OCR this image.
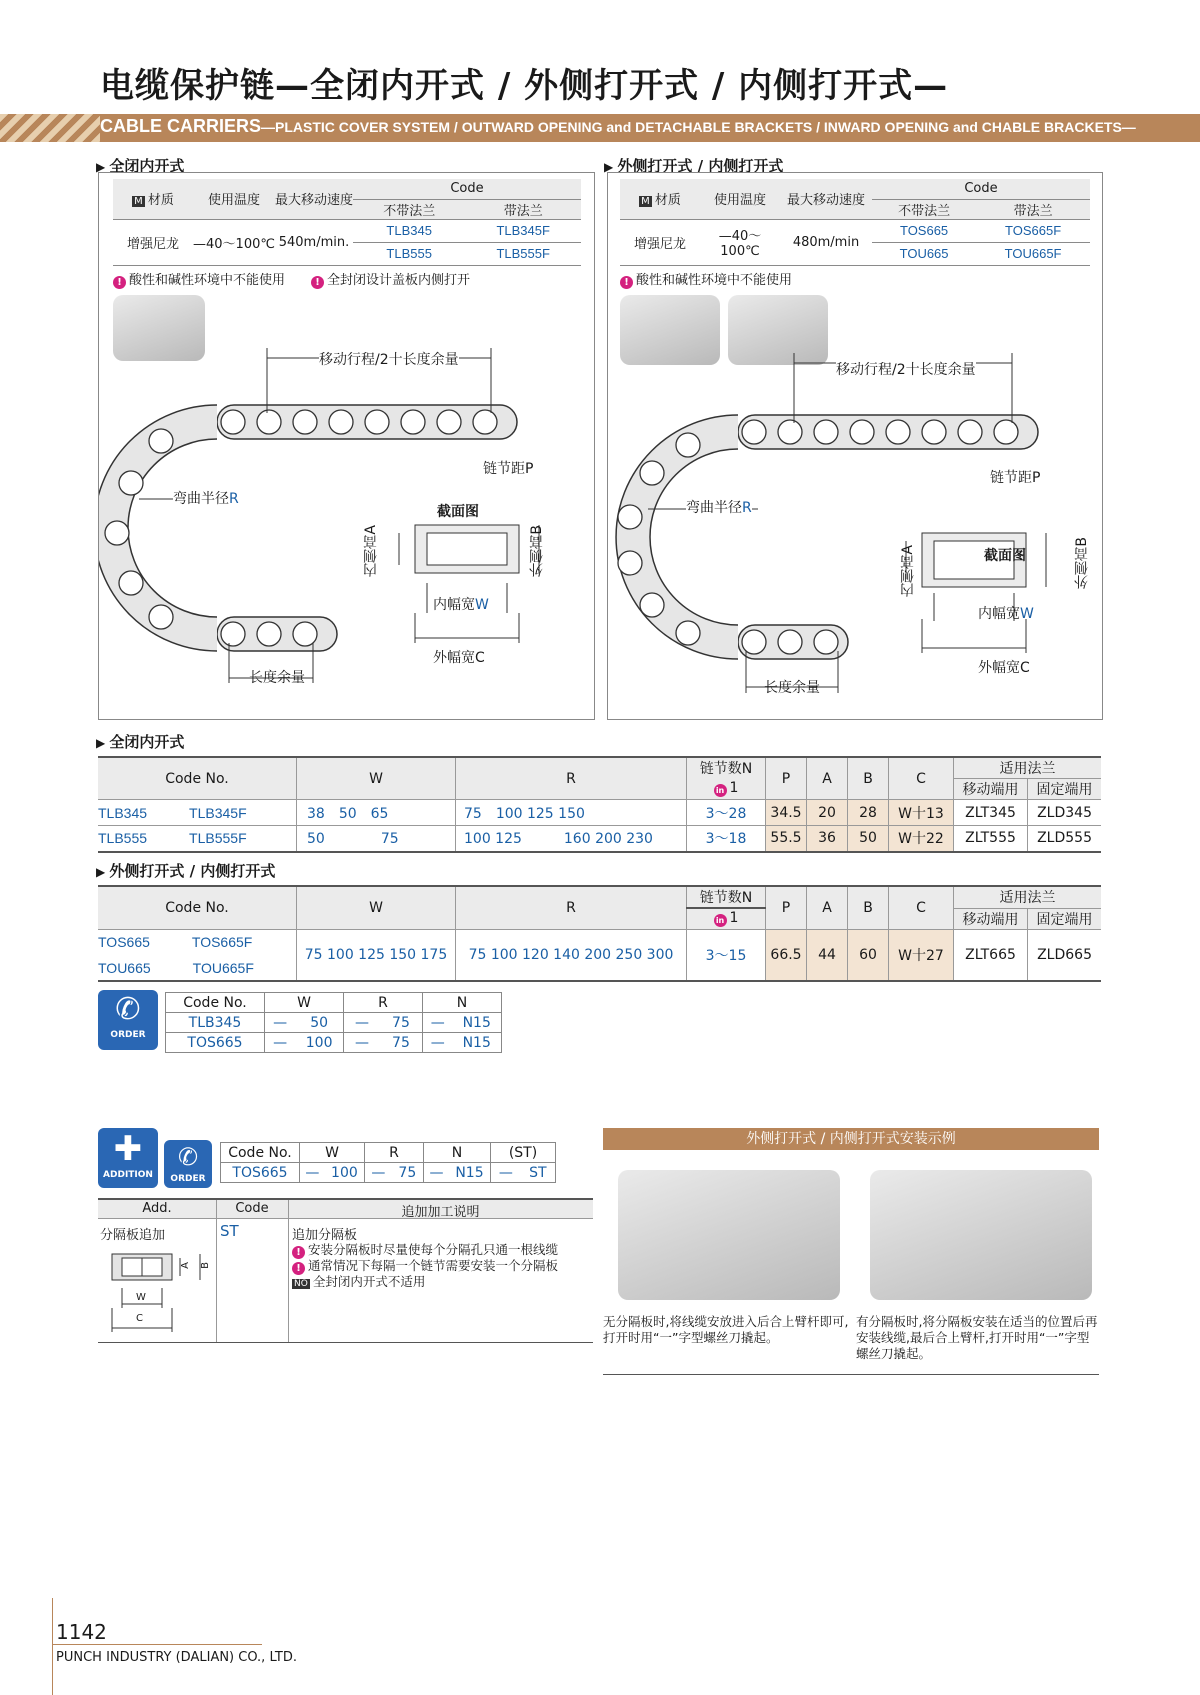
电缆保护链—全闭内开式 / 外侧打开式 / 内侧打开式—
CABLE CARRIERS—PLASTIC COVER SYSTEM / OUTWARD OPENING and DETACHABLE BRACKETS / INWARD OPENING and CHABLE BRACKETS—
▶ 全闭内开式
M 材质	使用温度	最大移动速度	Code	
			不带法兰	带法兰
增强尼龙	—40～100℃	540m/min.	TLB345	TLB345F
			TLB555	TLB555F
! 酸性和碱性环境中不能使用	! 全封闭设计盖板内侧打开
移动行程/2十长度余量
链节距P
弯曲半径R
截面图
内侧高A	外侧高B
内幅宽W
外幅宽C
长度余量
▶ 外侧打开式 / 内侧打开式
M 材质	使用温度	最大移动速度	Code	
			不带法兰	带法兰
增强尼龙	—40～100℃	480m/min	TOS665	TOS665F
			TOU665	TOU665F
! 酸性和碱性环境中不能使用
移动行程/2十长度余量
链节距P
弯曲半径R
截面图
内侧高A	外侧高B
内幅宽W
外幅宽C
长度余量
▶ 全闭内开式
Code No.	W	R	链节数N	P	A	B	C	适用法兰	
			in 1					移动端用	固定端用
TLB345　　　 TLB345F	38　50　65	75　100 125 150	3～28	34.5	20	28	W十13	ZLT345	ZLD345
TLB555　　　 TLB555F	50　　　　75	100 125　　　160 200 230	3～18	55.5	36	50	W十22	ZLT555	ZLD555
▶ 外侧打开式 / 内侧打开式
Code No.	W	R	链节数N	P	A	B	C	适用法兰	
			in 1					移动端用	固定端用
TOS665　　　 TOS665F	75 100 125 150 175	75 100 120 140 200 250 300	3～15	66.5	44	60	W十27	ZLT665	ZLD665
TOU665　　　 TOU665F									
✆
ORDER
Code No.	W		R		N	
TLB345	—	50	—	75	—	N15
TOS665	—	100	—	75	—	N15
✚
ADDITION
✆
ORDER
Code No.	W		R		N		(ST)	
TOS665	—	100	—	75	—	N15	—	ST
Add.	Code	追加加工说明
分隔板追加	ST	追加分隔板
! 安装分隔板时尽量使每个分隔孔只通一根线缆
! 通常情况下每隔一个链节需要安装一个分隔板
NO 全封闭内开式不适用
A B
W
C
外侧打开式 / 内侧打开式安装示例
无分隔板时,将线缆安放进入后合上臂杆即可,打开时用“一”字型螺丝刀撬起。
有分隔板时,将分隔板安装在适当的位置后再安装线缆,最后合上臂杆,打开时用“一”字型螺丝刀撬起。
1142
PUNCH INDUSTRY (DALIAN) CO., LTD.
